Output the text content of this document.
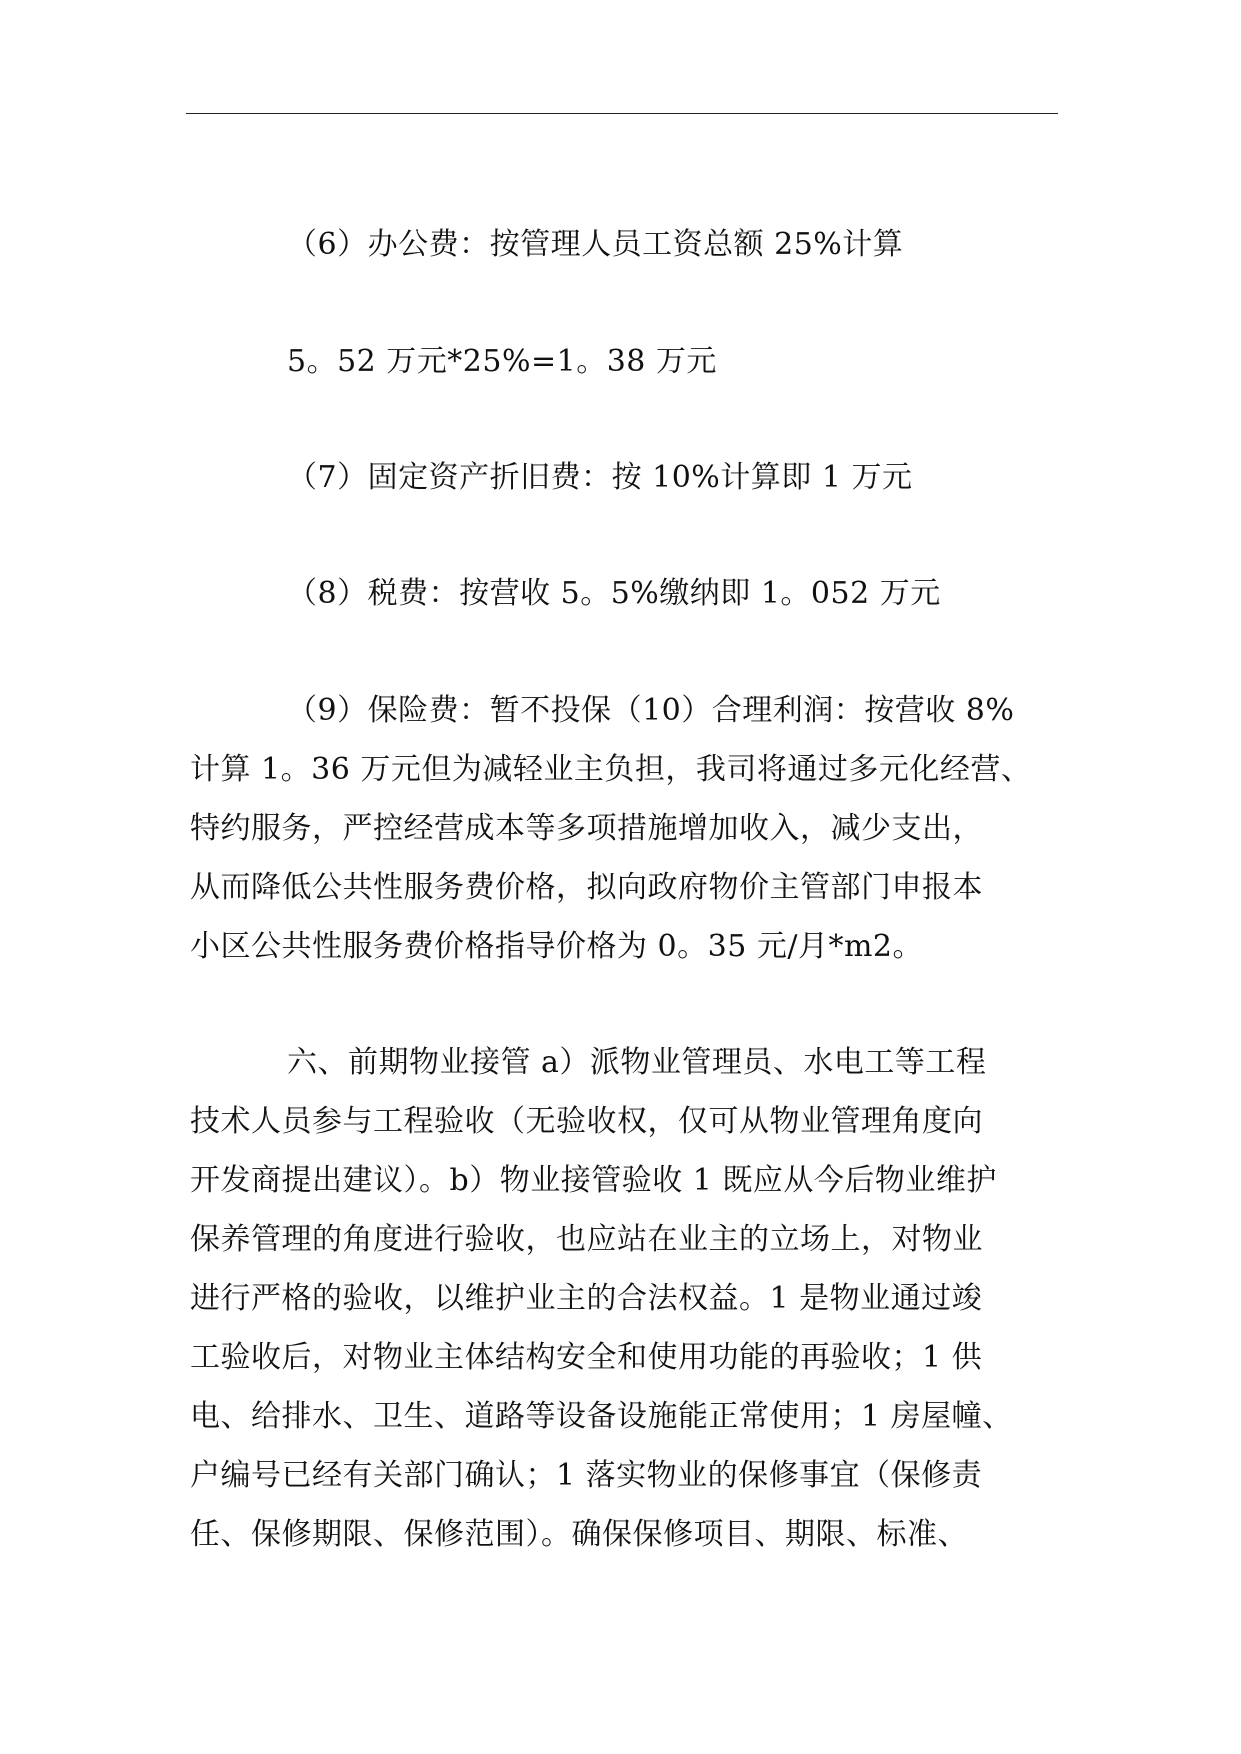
（6）办公费：按管理人员工资总额 25%计算
5。52 万元*25%=1。38 万元
（7）固定资产折旧费：按 10%计算即 1 万元
（8）税费：按营收 5。5%缴纳即 1。052 万元
（9）保险费：暂不投保（10）合理利润：按营收 8%
计算 1。36 万元但为减轻业主负担，我司将通过多元化经营、
特约服务，严控经营成本等多项措施增加收入，减少支出，
从而降低公共性服务费价格，拟向政府物价主管部门申报本
小区公共性服务费价格指导价格为 0。35 元/月*m2。
六、前期物业接管 a）派物业管理员、水电工等工程
技术人员参与工程验收（无验收权，仅可从物业管理角度向
开发商提出建议）。b）物业接管验收 1 既应从今后物业维护
保养管理的角度进行验收，也应站在业主的立场上，对物业
进行严格的验收，以维护业主的合法权益。1 是物业通过竣
工验收后，对物业主体结构安全和使用功能的再验收；1 供
电、给排水、卫生、道路等设备设施能正常使用；1 房屋幢、
户编号已经有关部门确认；1 落实物业的保修事宜（保修责
任、保修期限、保修范围）。确保保修项目、期限、标准、
